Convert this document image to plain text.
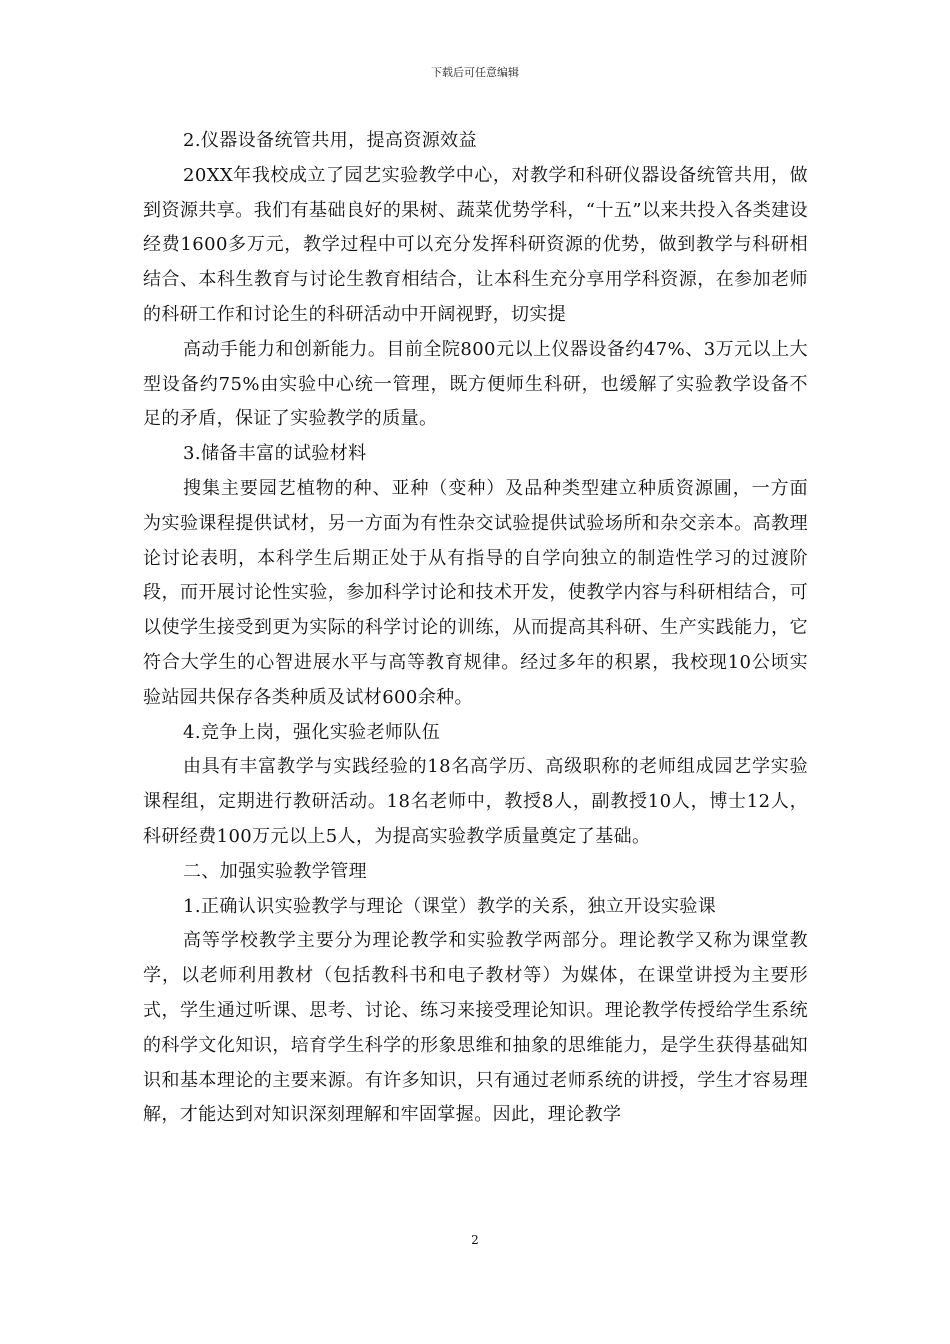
下载后可任意编辑

2.仪器设备统管共用，提高资源效益

20XX年我校成立了园艺实验教学中心，对教学和科研仪器设备统管共用，做到资源共享。我们有基础良好的果树、蔬菜优势学科，“十五”以来共投入各类建设经费1600多万元，教学过程中可以充分发挥科研资源的优势，做到教学与科研相结合、本科生教育与讨论生教育相结合，让本科生充分享用学科资源，在参加老师的科研工作和讨论生的科研活动中开阔视野，切实提

高动手能力和创新能力。目前全院800元以上仪器设备约47%、3万元以上大型设备约75%由实验中心统一管理，既方便师生科研，也缓解了实验教学设备不足的矛盾，保证了实验教学的质量。

3.储备丰富的试验材料

搜集主要园艺植物的种、亚种（变种）及品种类型建立种质资源圃，一方面为实验课程提供试材，另一方面为有性杂交试验提供试验场所和杂交亲本。高教理论讨论表明，本科学生后期正处于从有指导的自学向独立的制造性学习的过渡阶段，而开展讨论性实验，参加科学讨论和技术开发，使教学内容与科研相结合，可以使学生接受到更为实际的科学讨论的训练，从而提高其科研、生产实践能力，它符合大学生的心智进展水平与高等教育规律。经过多年的积累，我校现10公顷实验站园共保存各类种质及试材600余种。

4.竞争上岗，强化实验老师队伍

由具有丰富教学与实践经验的18名高学历、高级职称的老师组成园艺学实验课程组，定期进行教研活动。18名老师中，教授8人，副教授10人，博士12人，科研经费100万元以上5人，为提高实验教学质量奠定了基础。

二、加强实验教学管理

1.正确认识实验教学与理论（课堂）教学的关系，独立开设实验课

高等学校教学主要分为理论教学和实验教学两部分。理论教学又称为课堂教学，以老师利用教材（包括教科书和电子教材等）为媒体，在课堂讲授为主要形式，学生通过听课、思考、讨论、练习来接受理论知识。理论教学传授给学生系统的科学文化知识，培育学生科学的形象思维和抽象的思维能力，是学生获得基础知识和基本理论的主要来源。有许多知识，只有通过老师系统的讲授，学生才容易理解，才能达到对知识深刻理解和牢固掌握。因此，理论教学

2
